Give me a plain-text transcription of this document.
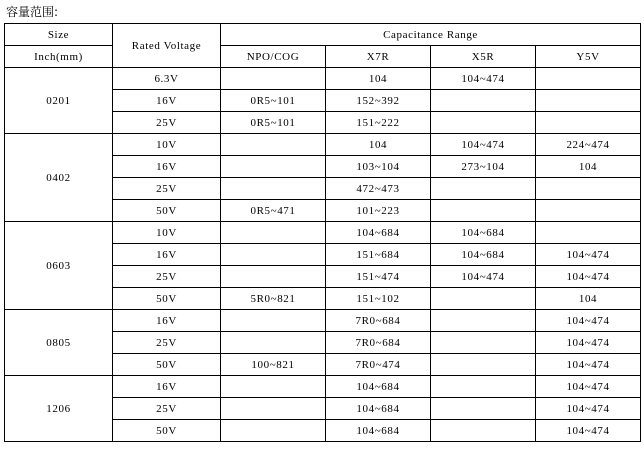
容量范围:
Size	Rated Voltage	Capacitance Range			
Inch(mm)		NPO/COG	X7R	X5R	Y5V
0201	6.3V		104	104~474	
	16V	0R5~101	152~392		
	25V	0R5~101	151~222		
0402	10V		104	104~474	224~474
	16V		103~104	273~104	104
	25V		472~473		
	50V	0R5~471	101~223		
0603	10V		104~684	104~684	
	16V		151~684	104~684	104~474
	25V		151~474	104~474	104~474
	50V	5R0~821	151~102		104
0805	16V		7R0~684		104~474
	25V		7R0~684		104~474
	50V	100~821	7R0~474		104~474
1206	16V		104~684		104~474
	25V		104~684		104~474
	50V		104~684		104~474
